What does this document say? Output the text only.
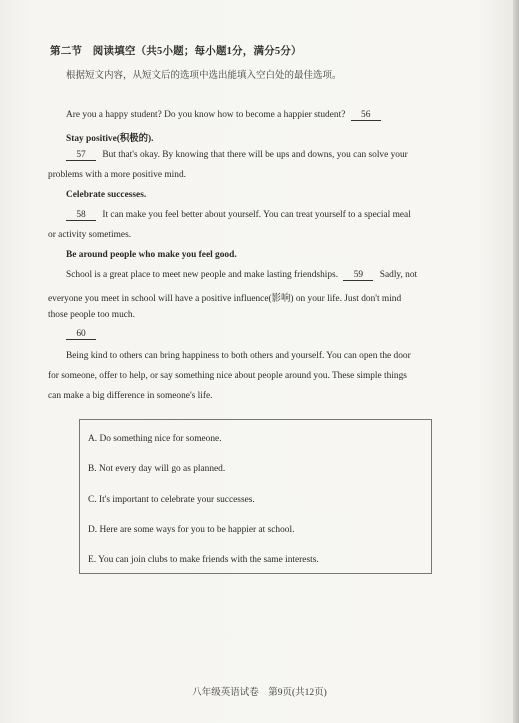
第二节　阅读填空（共5小题；每小题1分，满分5分）
根据短文内容，从短文后的选项中选出能填入空白处的最佳选项。
Are you a happy student? Do you know how to become a happier student? 56
Stay positive(积极的).
57 But that's okay. By knowing that there will be ups and downs, you can solve your
problems with a more positive mind.
Celebrate successes.
58 It can make you feel better about yourself. You can treat yourself to a special meal
or activity sometimes.
Be around people who make you feel good.
School is a great place to meet new people and make lasting friendships. 59 Sadly, not
everyone you meet in school will have a positive influence(影响) on your life. Just don't mind
those people too much.
60
Being kind to others can bring happiness to both others and yourself. You can open the door
for someone, offer to help, or say something nice about people around you. These simple things
can make a big difference in someone's life.
A. Do something nice for someone.
B. Not every day will go as planned.
C. It's important to celebrate your successes.
D. Here are some ways for you to be happier at school.
E. You can join clubs to make friends with the same interests.
八年级英语试卷　第9页(共12页)
